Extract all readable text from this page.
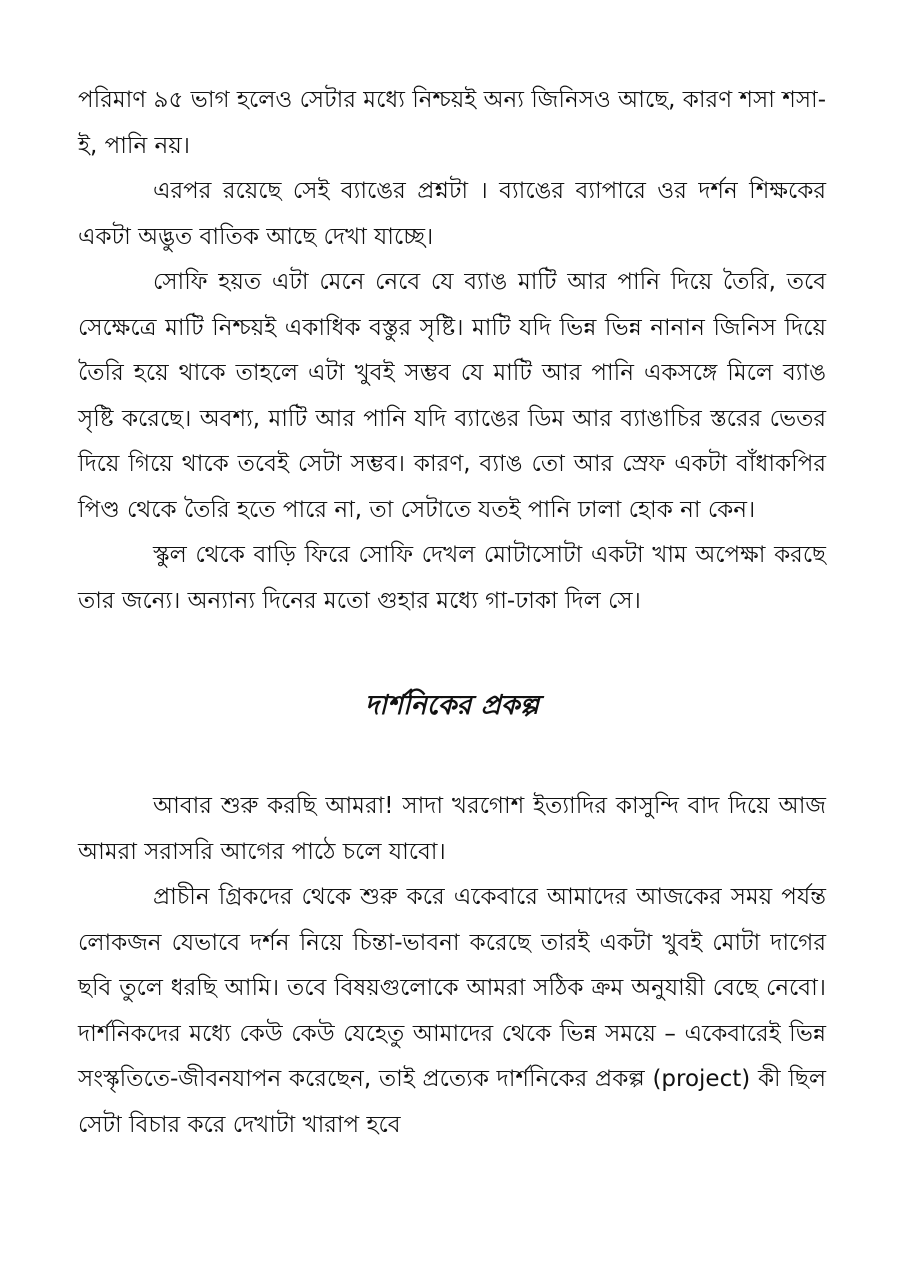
পরিমাণ ৯৫ ভাগ হলেও সেটার মধ্যে নিশ্চয়ই অন্য জিনিসও আছে, কারণ শসা শসা-ই, পানি নয়।

এরপর রয়েছে সেই ব্যাঙের প্রশ্নটা । ব্যাঙের ব্যাপারে ওর দর্শন শিক্ষকের একটা অদ্ভুত বাতিক আছে দেখা যাচ্ছে।

সোফি হয়ত এটা মেনে নেবে যে ব্যাঙ মাটি আর পানি দিয়ে তৈরি, তবে সেক্ষেত্রে মাটি নিশ্চয়ই একাধিক বস্তুর সৃষ্টি। মাটি যদি ভিন্ন ভিন্ন নানান জিনিস দিয়ে তৈরি হয়ে থাকে তাহলে এটা খুবই সম্ভব যে মাটি আর পানি একসঙ্গে মিলে ব্যাঙ সৃষ্টি করেছে। অবশ্য, মাটি আর পানি যদি ব্যাঙের ডিম আর ব্যাঙাচির স্তরের ভেতর দিয়ে গিয়ে থাকে তবেই সেটা সম্ভব। কারণ, ব্যাঙ তো আর স্রেফ একটা বাঁধাকপির পিণ্ড থেকে তৈরি হতে পারে না, তা সেটাতে যতই পানি ঢালা হোক না কেন।

স্কুল থেকে বাড়ি ফিরে সোফি দেখল মোটাসোটা একটা খাম অপেক্ষা করছে তার জন্যে। অন্যান্য দিনের মতো গুহার মধ্যে গা-ঢাকা দিল সে।

দার্শনিকের প্রকল্প

আবার শুরু করছি আমরা! সাদা খরগোশ ইত্যাদির কাসুন্দি বাদ দিয়ে আজ আমরা সরাসরি আগের পাঠে চলে যাবো।

প্রাচীন গ্রিকদের থেকে শুরু করে একেবারে আমাদের আজকের সময় পর্যন্ত লোকজন যেভাবে দর্শন নিয়ে চিন্তা-ভাবনা করেছে তারই একটা খুবই মোটা দাগের ছবি তুলে ধরছি আমি। তবে বিষয়গুলোকে আমরা সঠিক ক্রম অনুযায়ী বেছে নেবো। দার্শনিকদের মধ্যে কেউ কেউ যেহেতু আমাদের থেকে ভিন্ন সময়ে – একেবারেই ভিন্ন সংস্কৃতিতে-জীবনযাপন করেছেন, তাই প্রত্যেক দার্শনিকের প্রকল্প (project) কী ছিল সেটা বিচার করে দেখাটা খারাপ হবে
